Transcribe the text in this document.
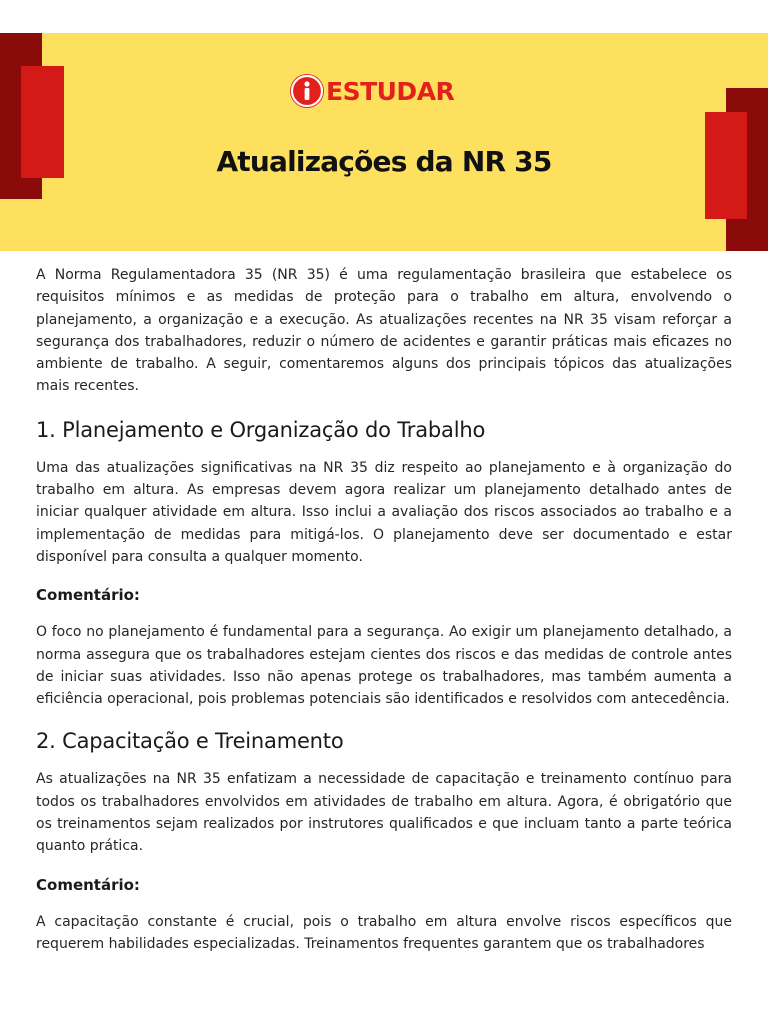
ESTUDAR
Atualizações da NR 35

A Norma Regulamentadora 35 (NR 35) é uma regulamentação brasileira que estabelece os requisitos mínimos e as medidas de proteção para o trabalho em altura, envolvendo o planejamento, a organização e a execução. As atualizações recentes na NR 35 visam reforçar a segurança dos trabalhadores, reduzir o número de acidentes e garantir práticas mais eficazes no ambiente de trabalho. A seguir, comentaremos alguns dos principais tópicos das atualizações mais recentes.

1. Planejamento e Organização do Trabalho

Uma das atualizações significativas na NR 35 diz respeito ao planejamento e à organização do trabalho em altura. As empresas devem agora realizar um planejamento detalhado antes de iniciar qualquer atividade em altura. Isso inclui a avaliação dos riscos associados ao trabalho e a implementação de medidas para mitigá-los. O planejamento deve ser documentado e estar disponível para consulta a qualquer momento.

Comentário:

O foco no planejamento é fundamental para a segurança. Ao exigir um planejamento detalhado, a norma assegura que os trabalhadores estejam cientes dos riscos e das medidas de controle antes de iniciar suas atividades. Isso não apenas protege os trabalhadores, mas também aumenta a eficiência operacional, pois problemas potenciais são identificados e resolvidos com antecedência.

2. Capacitação e Treinamento

As atualizações na NR 35 enfatizam a necessidade de capacitação e treinamento contínuo para todos os trabalhadores envolvidos em atividades de trabalho em altura. Agora, é obrigatório que os treinamentos sejam realizados por instrutores qualificados e que incluam tanto a parte teórica quanto prática.

Comentário:

A capacitação constante é crucial, pois o trabalho em altura envolve riscos específicos que requerem habilidades especializadas. Treinamentos frequentes garantem que os trabalhadores
